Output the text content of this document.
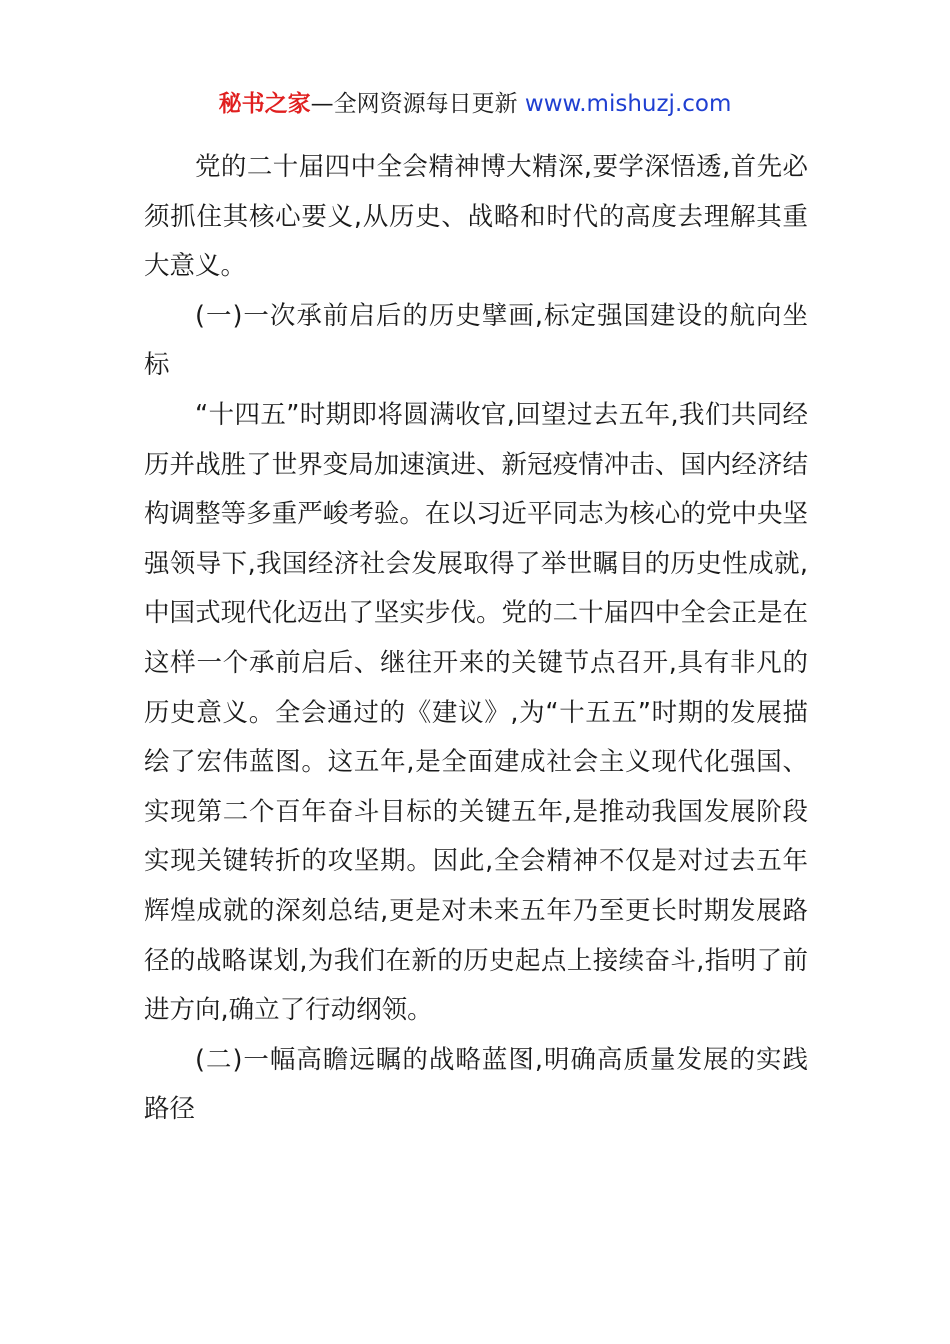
秘书之家—全网资源每日更新 www.mishuzj.com

党的二十届四中全会精神博大精深,要学深悟透,首先必须抓住其核心要义,从历史、战略和时代的高度去理解其重大意义。

(一)一次承前启后的历史擘画,标定强国建设的航向坐标

“十四五”时期即将圆满收官,回望过去五年,我们共同经历并战胜了世界变局加速演进、新冠疫情冲击、国内经济结构调整等多重严峻考验。在以习近平同志为核心的党中央坚强领导下,我国经济社会发展取得了举世瞩目的历史性成就,中国式现代化迈出了坚实步伐。党的二十届四中全会正是在这样一个承前启后、继往开来的关键节点召开,具有非凡的历史意义。全会通过的《建议》,为“十五五”时期的发展描绘了宏伟蓝图。这五年,是全面建成社会主义现代化强国、实现第二个百年奋斗目标的关键五年,是推动我国发展阶段实现关键转折的攻坚期。因此,全会精神不仅是对过去五年辉煌成就的深刻总结,更是对未来五年乃至更长时期发展路径的战略谋划,为我们在新的历史起点上接续奋斗,指明了前进方向,确立了行动纲领。

(二)一幅高瞻远瞩的战略蓝图,明确高质量发展的实践路径
